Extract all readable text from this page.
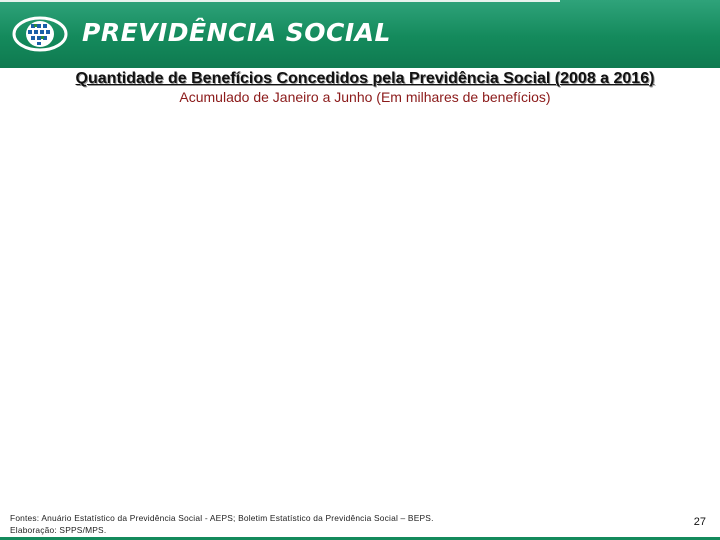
PREVIDÊNCIA SOCIAL
Quantidade de Benefícios Concedidos pela Previdência Social (2008 a 2016)
Acumulado de Janeiro a Junho (Em milhares de benefícios)
Fontes: Anuário Estatístico da Previdência Social - AEPS; Boletim Estatístico da Previdência Social – BEPS.
Elaboração: SPPS/MPS.
27
